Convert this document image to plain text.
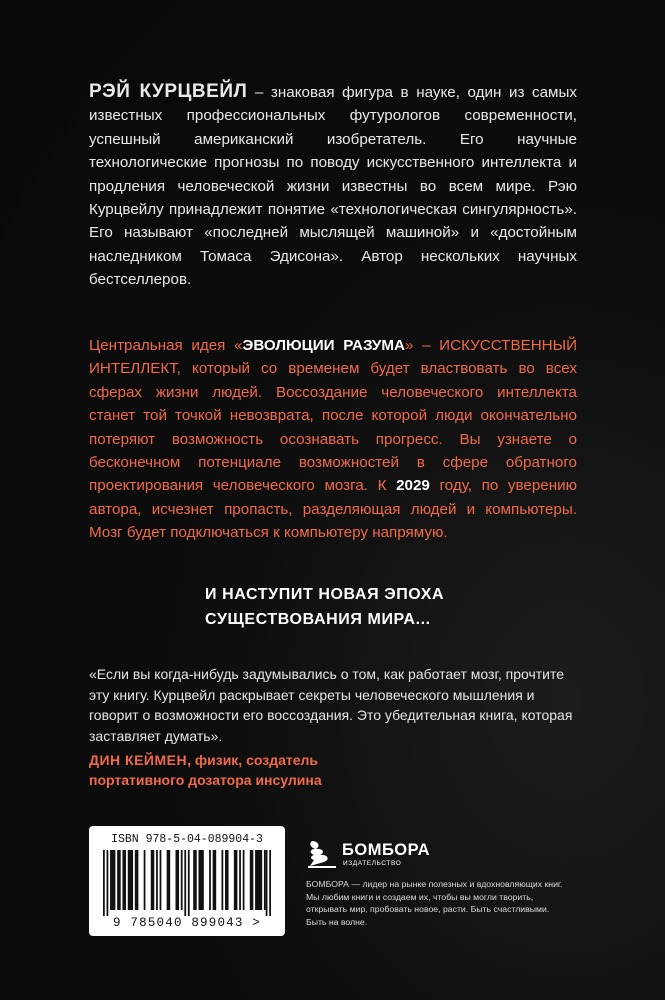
РЭЙ КУРЦВЕЙЛ – знаковая фигура в науке, один из самых известных профессиональных футурологов современности, успешный американский изобретатель. Его научные технологические прогнозы по поводу искусственного интеллекта и продления человеческой жизни известны во всем мире. Рэю Курцвейлу принадлежит понятие «технологическая сингулярность». Его называют «последней мыслящей машиной» и «достойным наследником Томаса Эдисона». Автор нескольких научных бестселлеров.

Центральная идея «ЭВОЛЮЦИИ РАЗУМА» – ИСКУССТВЕННЫЙ ИНТЕЛЛЕКТ, который со временем будет властвовать во всех сферах жизни людей. Воссоздание человеческого интеллекта станет той точкой невозврата, после которой люди окончательно потеряют возможность осознавать прогресс. Вы узнаете о бесконечном потенциале возможностей в сфере обратного проектирования человеческого мозга. К 2029 году, по уверению автора, исчезнет пропасть, разделяющая людей и компьютеры. Мозг будет подключаться к компьютеру напрямую.

И НАСТУПИТ НОВАЯ ЭПОХА
СУЩЕСТВОВАНИЯ МИРА...

«Если вы когда-нибудь задумывались о том, как работает мозг, прочтите эту книгу. Курцвейл раскрывает секреты человеческого мышления и говорит о возможности его воссоздания. Это убедительная книга, которая заставляет думать».

ДИН КЕЙМЕН, физик, создатель
портативного дозатора инсулина

ISBN 978-5-04-089904-3
9 785040 899043 >
БОМБОРА
ИЗДАТЕЛЬСТВО

БОМБОРА — лидер на рынке полезных и вдохновляющих книг. Мы любим книги и создаем их, чтобы вы могли творить, открывать мир, пробовать новое, расти. Быть счастливыми. Быть на волне.
